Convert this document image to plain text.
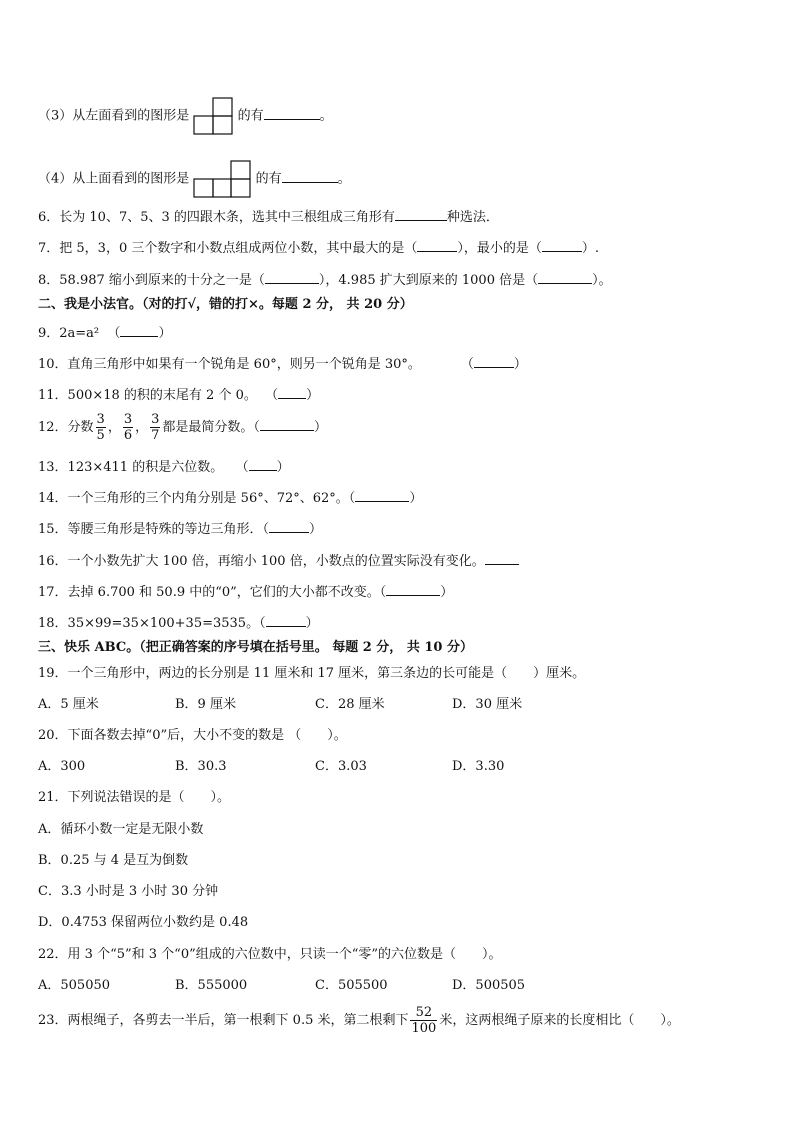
（3）从左面看到的图形是	的有	。
（4）从上面看到的图形是	的有	。
6．长为 10、7、5、3 的四跟木条，选其中三根组成三角形有	种选法．
7．把 5，3，0 三个数字和小数点组成两位小数，其中最大的是（	），最小的是（	）.
8．58.987 缩小到原来的十分之一是（	），4.985 扩大到原来的 1000 倍是（	）。
二、我是小法官。（对的打√，错的打×。每题 2 分， 共 20 分）
9．2a=a² （	）
10．直角三角形中如果有一个锐角是 60°，则另一个锐角是 30°。	（	）
11．500×18 的积的末尾有 2 个 0。 （ ）
12．分数 $\frac{3}{5}$ ， $\frac{3}{6}$ ， $\frac{3}{7}$ 都是最简分数。（	）
13．123×411 的积是六位数。 （ ）
14．一个三角形的三个内角分别是 56°、72°、62°。（	）
15．等腰三角形是特殊的等边三角形．（	）
16．一个小数先扩大 100 倍，再缩小 100 倍，小数点的位置实际没有变化。
17．去掉 6.700 和 50.9 中的“0”，它们的大小都不改变。（	）
18．35×99=35×100+35=3535。（	）
三、快乐 ABC。（把正确答案的序号填在括号里。 每题 2 分， 共 10 分）
19．一个三角形中，两边的长分别是 11 厘米和 17 厘米，第三条边的长可能是（　　）厘米。
A．5 厘米	B．9 厘米	C．28 厘米	D．30 厘米
20．下面各数去掉“0”后，大小不变的数是 （　　）。
A．300	B．30.3	C．3.03	D．3.30
21．下列说法错误的是（　　）。
A．循环小数一定是无限小数
B．0.25 与 4 是互为倒数
C．3.3 小时是 3 小时 30 分钟
D．0.4753 保留两位小数约是 0.48
22．用 3 个“5”和 3 个“0”组成的六位数中，只读一个“零”的六位数是（　　）。
A．505050	B．555000	C．505500	D．500505
23．两根绳子，各剪去一半后，第一根剩下 0.5 米，第二根剩下 $\frac{52}{100}$ 米，这两根绳子原来的长度相比（　　）。
